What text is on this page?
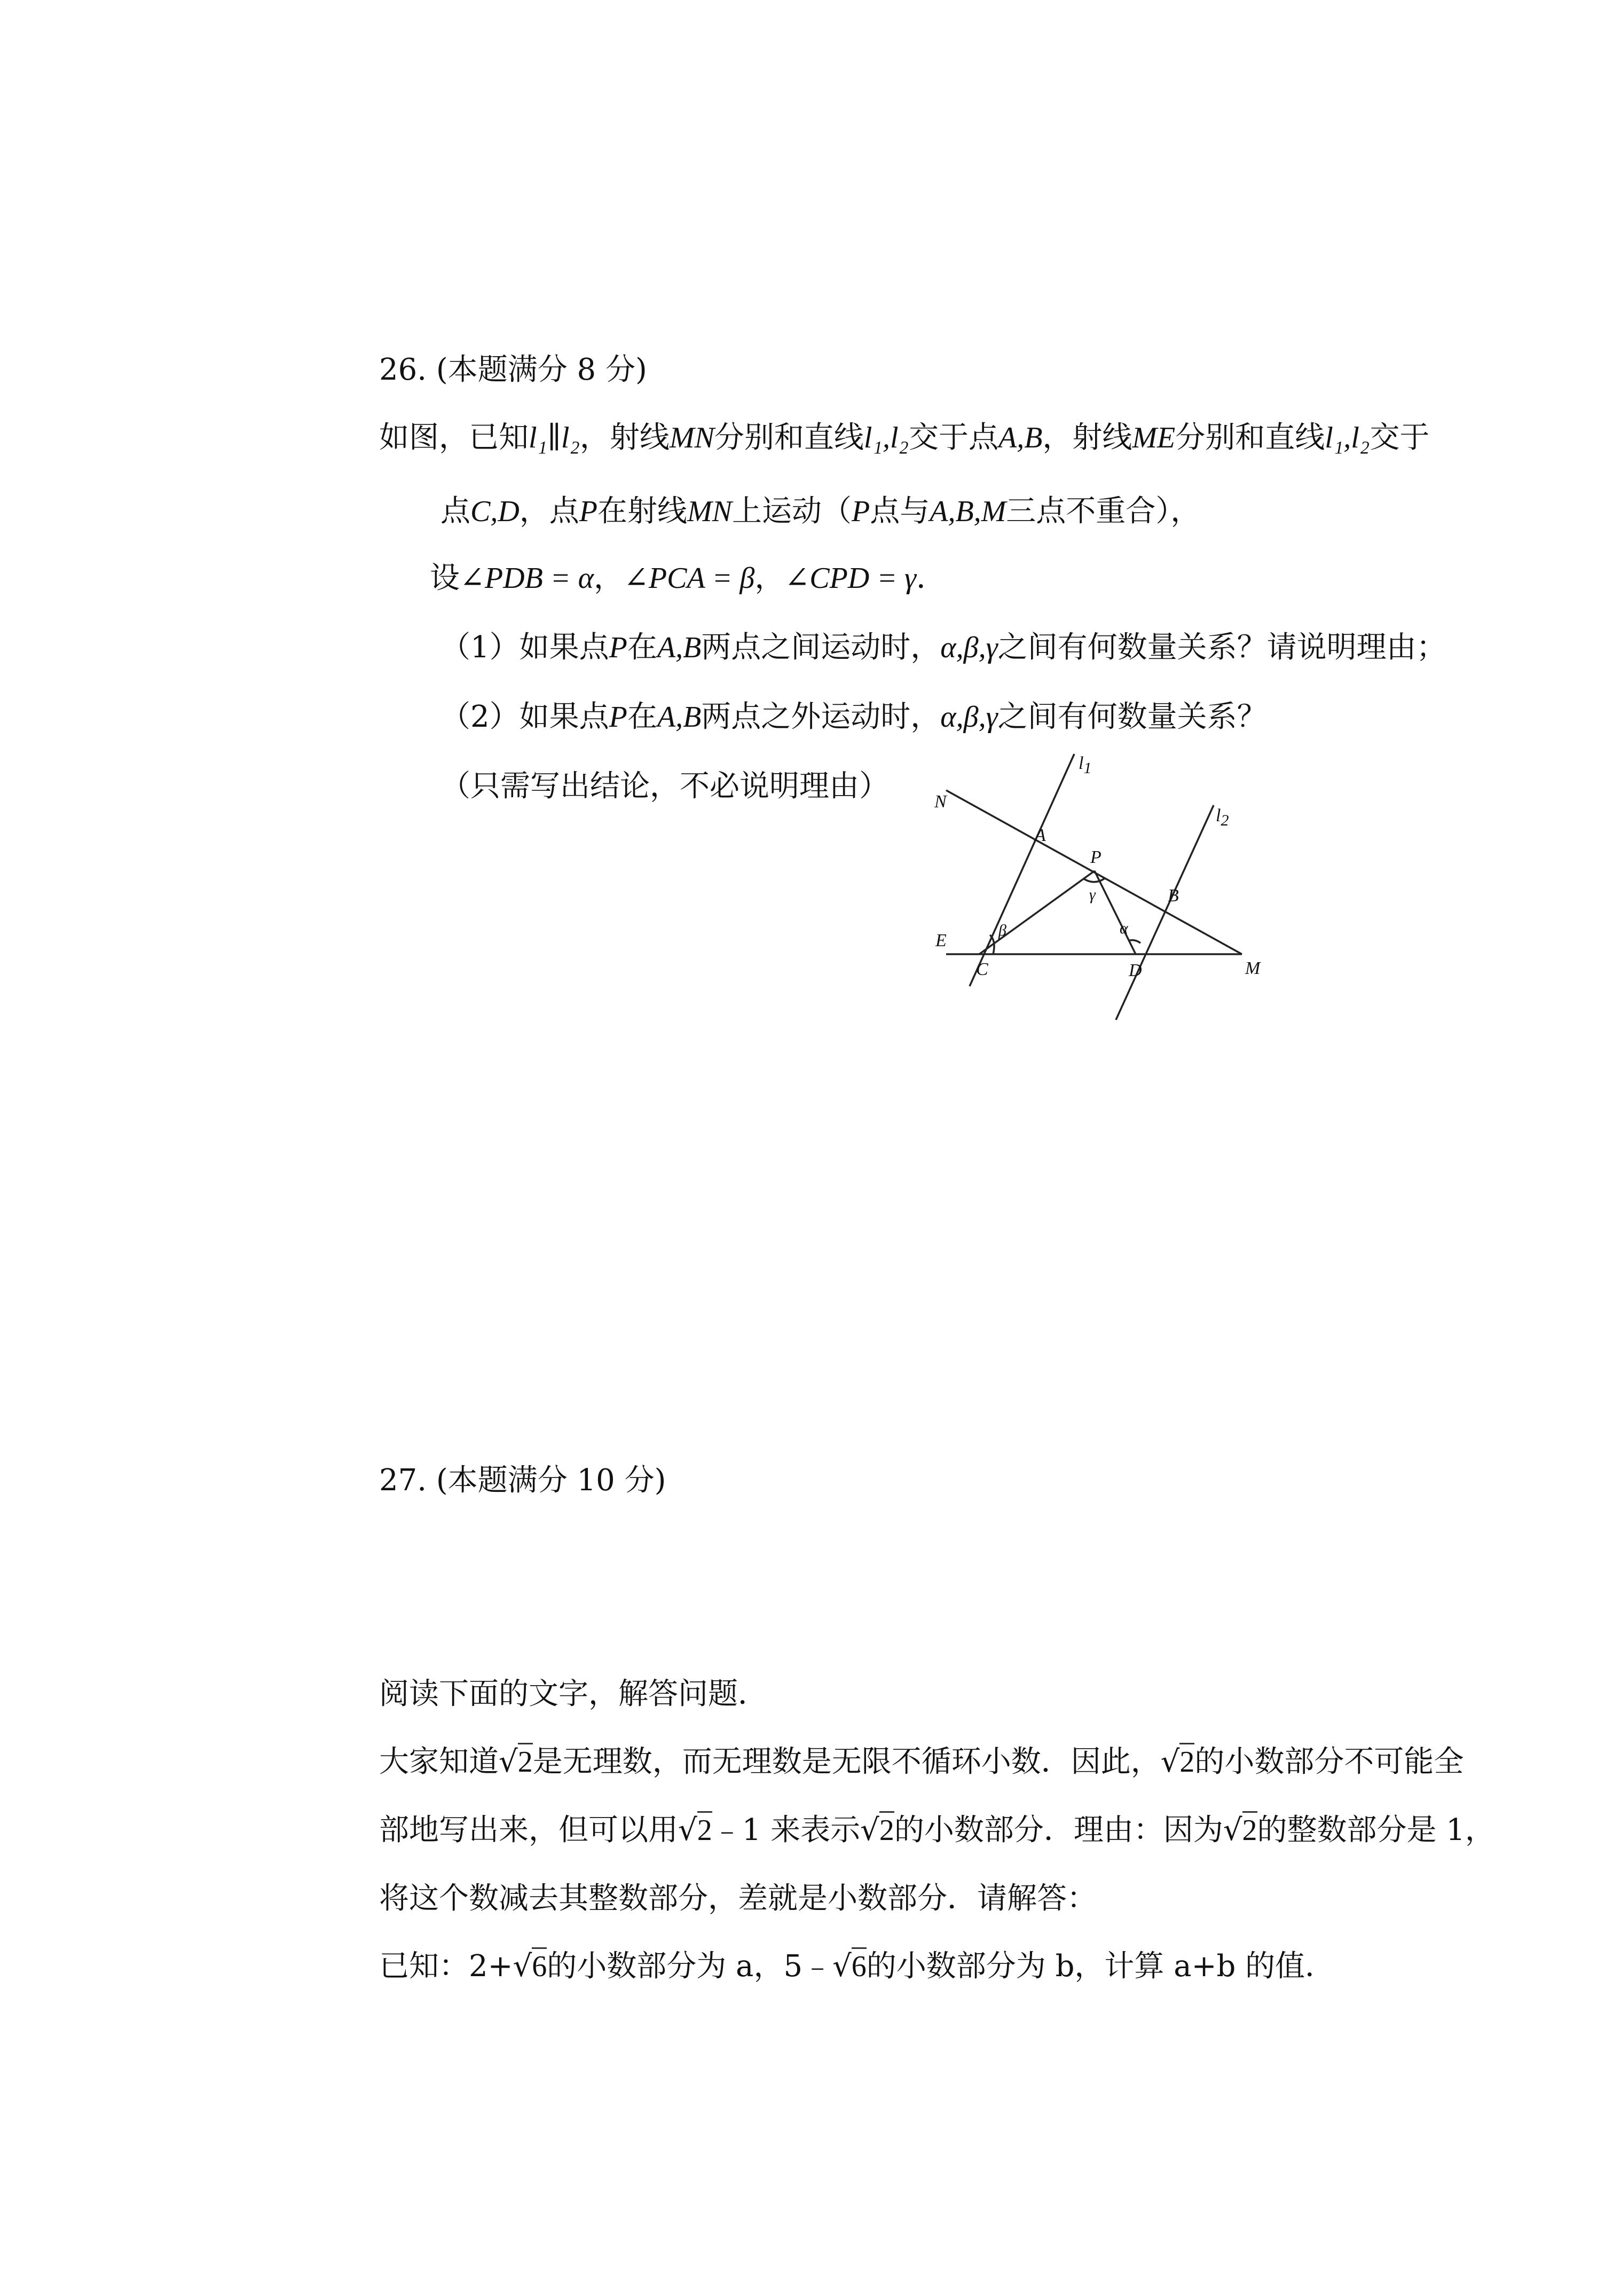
26. (本题满分 8 分)
如图，已知l₁∥l₂，射线MN分别和直线l₁,l₂交于点A,B，射线ME分别和直线l₁,l₂交于
点C,D，点P在射线MN上运动（P点与A,B,M三点不重合），
设∠PDB = α，∠PCA = β，∠CPD = γ．
（1）如果点P在A,B两点之间运动时，α,β,γ之间有何数量关系？请说明理由；
（2）如果点P在A,B两点之外运动时，α,β,γ之间有何数量关系？
（只需写出结论，不必说明理由）
l1
l2
N
A
P
B
E
C	D	M
β
γ
α
27. (本题满分 10 分)
阅读下面的文字，解答问题．
大家知道√2是无理数，而无理数是无限不循环小数．因此，√2的小数部分不可能全
部地写出来，但可以用√2﹣1 来表示√2的小数部分．理由：因为√2的整数部分是 1，
将这个数减去其整数部分，差就是小数部分．请解答：
已知：2+√6的小数部分为 a，5﹣√6的小数部分为 b，计算 a+b 的值．
